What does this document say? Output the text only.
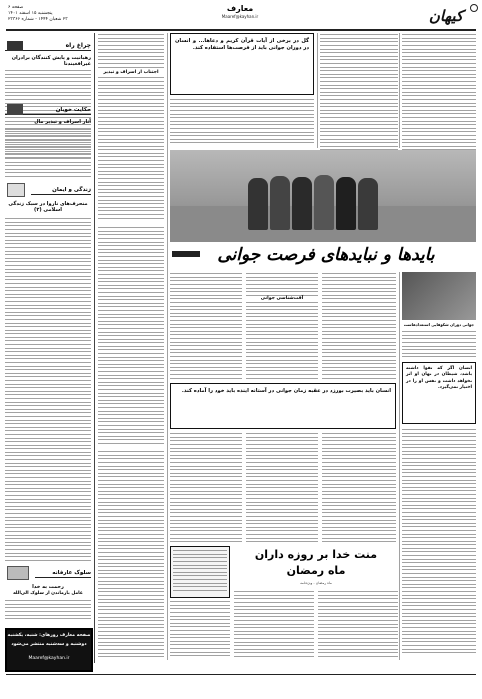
کیهان
معارف
Maaref@kayhan.ir
صفحه ۶
پنجشنبه ۱۵ اسفند ۱۴۰۱
۲۳ شعبان ۱۴۴۴ - شماره ۲۳۳۶۶
چراغ راه
رهبانیت و پایش کنندگان برادران غیرافغیندنا
حکایت خوبان
آثار اسراف و تبذیر مال
زندگی و ایمان
منحرف‌های ناروا در سبک زندگی اسلامی (۲)
سلوک عارفانه
رحمت به خدا
عامل بازماندن از سلوک الی‌الله
صفحه معارف روزهای: شنبه، یکشنبه
دوشنبه و سه‌شنبه منتشر می‌شود
Maaref@kayhan.ir
اجتناب از اسراف و تبذیر
گل در برخی از آیات قرآن کریم و دعاها... و انسان در دوران جوانی باید از فرصت‌ها استفاده کند.
بایدها و نبایدهای فرصت جوانی
آفت‌شناسی جوانی
جوانی دوران شکوفایی استعدادهاست
انسان باید بصیرت بورزد در عقبه زمان جوانی در آستانه اینده باید خود را آماده کند.
انسان اگر که تقوا داشته باشد، شیطان در نهان او اثر نخواهد داشت و نفس او را در اختیار نمی‌گیرد.
منت خدا بر روزه داران
ماه رمضان
ماه رمضان - ویژه‌نامه
